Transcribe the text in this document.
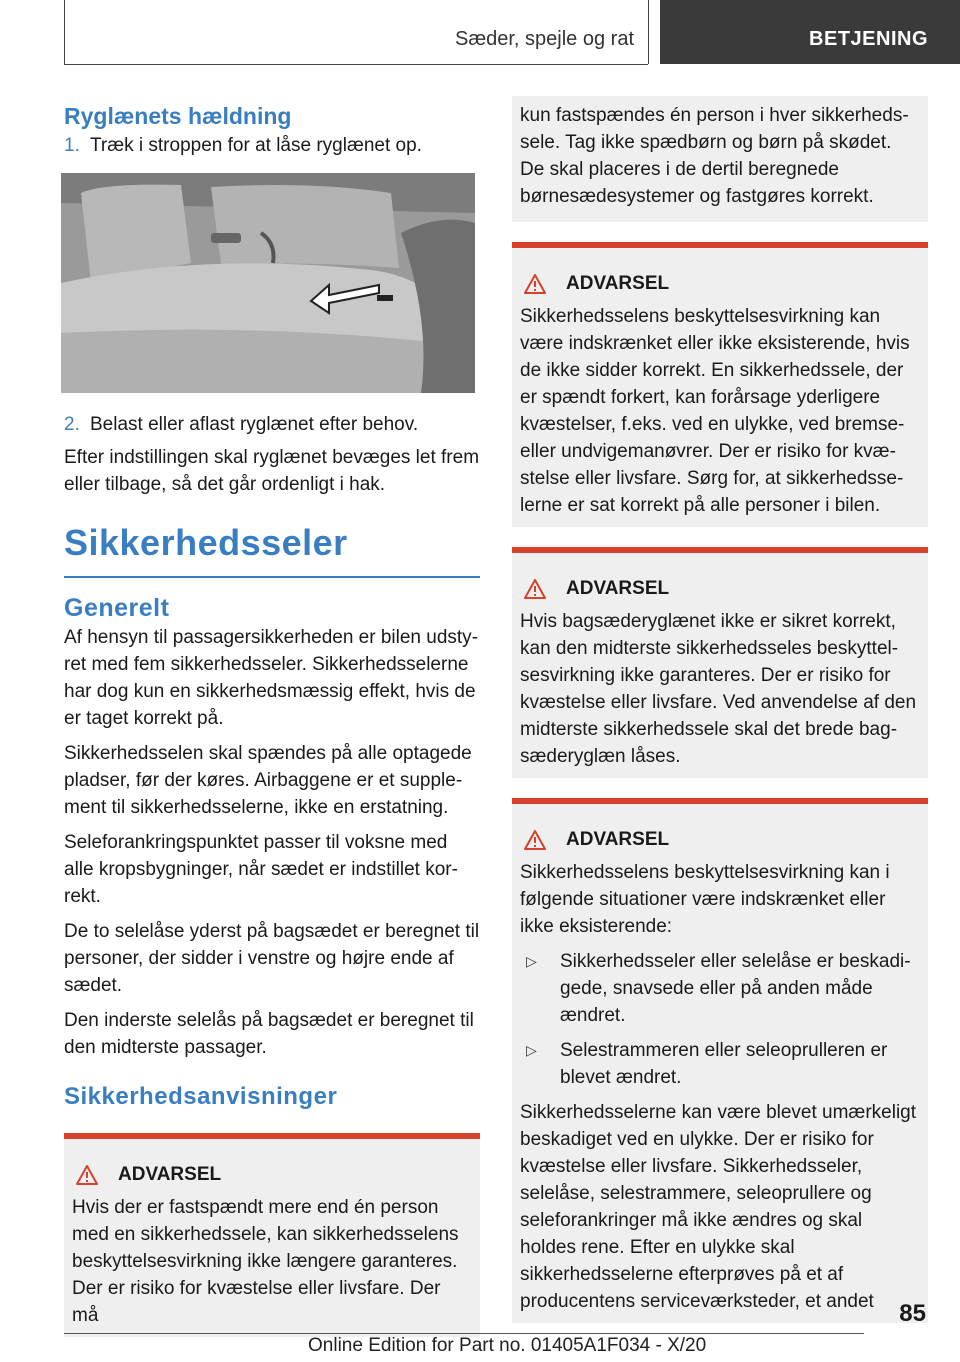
Sæder, spejle og rat	BETJENING
Ryglænets hældning
1. Træk i stroppen for at låse ryglænet op.
2. Belast eller aflast ryglænet efter behov.

Efter indstillingen skal ryglænet bevæges let frem eller tilbage, så det går ordenligt i hak.

Sikkerhedsseler
Generelt

Af hensyn til passagersikkerheden er bilen udstyret med fem sikkerhedsseler. Sikkerhedsselerne har dog kun en sikkerhedsmæssig effekt, hvis de er taget korrekt på.

Sikkerhedsselen skal spændes på alle optagede pladser, før der køres. Airbaggene er et supplement til sikkerhedsselerne, ikke en erstatning.

Seleforankringspunktet passer til voksne med alle kropsbygninger, når sædet er indstillet korrekt.

De to selelåse yderst på bagsædet er beregnet til personer, der sidder i venstre og højre ende af sædet.

Den inderste selelås på bagsædet er beregnet til den midterste passager.

Sikkerhedsanvisninger
ADVARSEL

Hvis der er fastspændt mere end én person med en sikkerhedssele, kan sikkerhedsselens beskyttelsesvirkning ikke længere garanteres. Der er risiko for kvæstelse eller livsfare. Der må

kun fastspændes én person i hver sikkerhedssele. Tag ikke spædbørn og børn på skødet. De skal placeres i de dertil beregnede børnesædesystemer og fastgøres korrekt.

ADVARSEL

Sikkerhedsselens beskyttelsesvirkning kan være indskrænket eller ikke eksisterende, hvis de ikke sidder korrekt. En sikkerhedssele, der er spændt forkert, kan forårsage yderligere kvæstelser, f.eks. ved en ulykke, ved bremse- eller undvigemanøvrer. Der er risiko for kvæstelse eller livsfare. Sørg for, at sikkerhedsselerne er sat korrekt på alle personer i bilen.

ADVARSEL

Hvis bagsæderyglænet ikke er sikret korrekt, kan den midterste sikkerhedsseles beskyttelsesvirkning ikke garanteres. Der er risiko for kvæstelse eller livsfare. Ved anvendelse af den midterste sikkerhedssele skal det brede bagsæderyglæn låses.

ADVARSEL

Sikkerhedsselens beskyttelsesvirkning kan i følgende situationer være indskrænket eller ikke eksisterende:

▷	Sikkerhedsseler eller selelåse er beskadigede, snavsede eller på anden måde ændret.
▷	Selestrammeren eller seleoprulleren er blevet ændret.

Sikkerhedsselerne kan være blevet umærkeligt beskadiget ved en ulykke. Der er risiko for kvæstelse eller livsfare. Sikkerhedsseler, selelåse, selestrammere, seleoprullere og seleforankringer må ikke ændres og skal holdes rene. Efter en ulykke skal sikkerhedsselerne efterprøves på et af producentens serviceværksteder, et andet	85
Online Edition for Part no. 01405A1F034 - X/20
